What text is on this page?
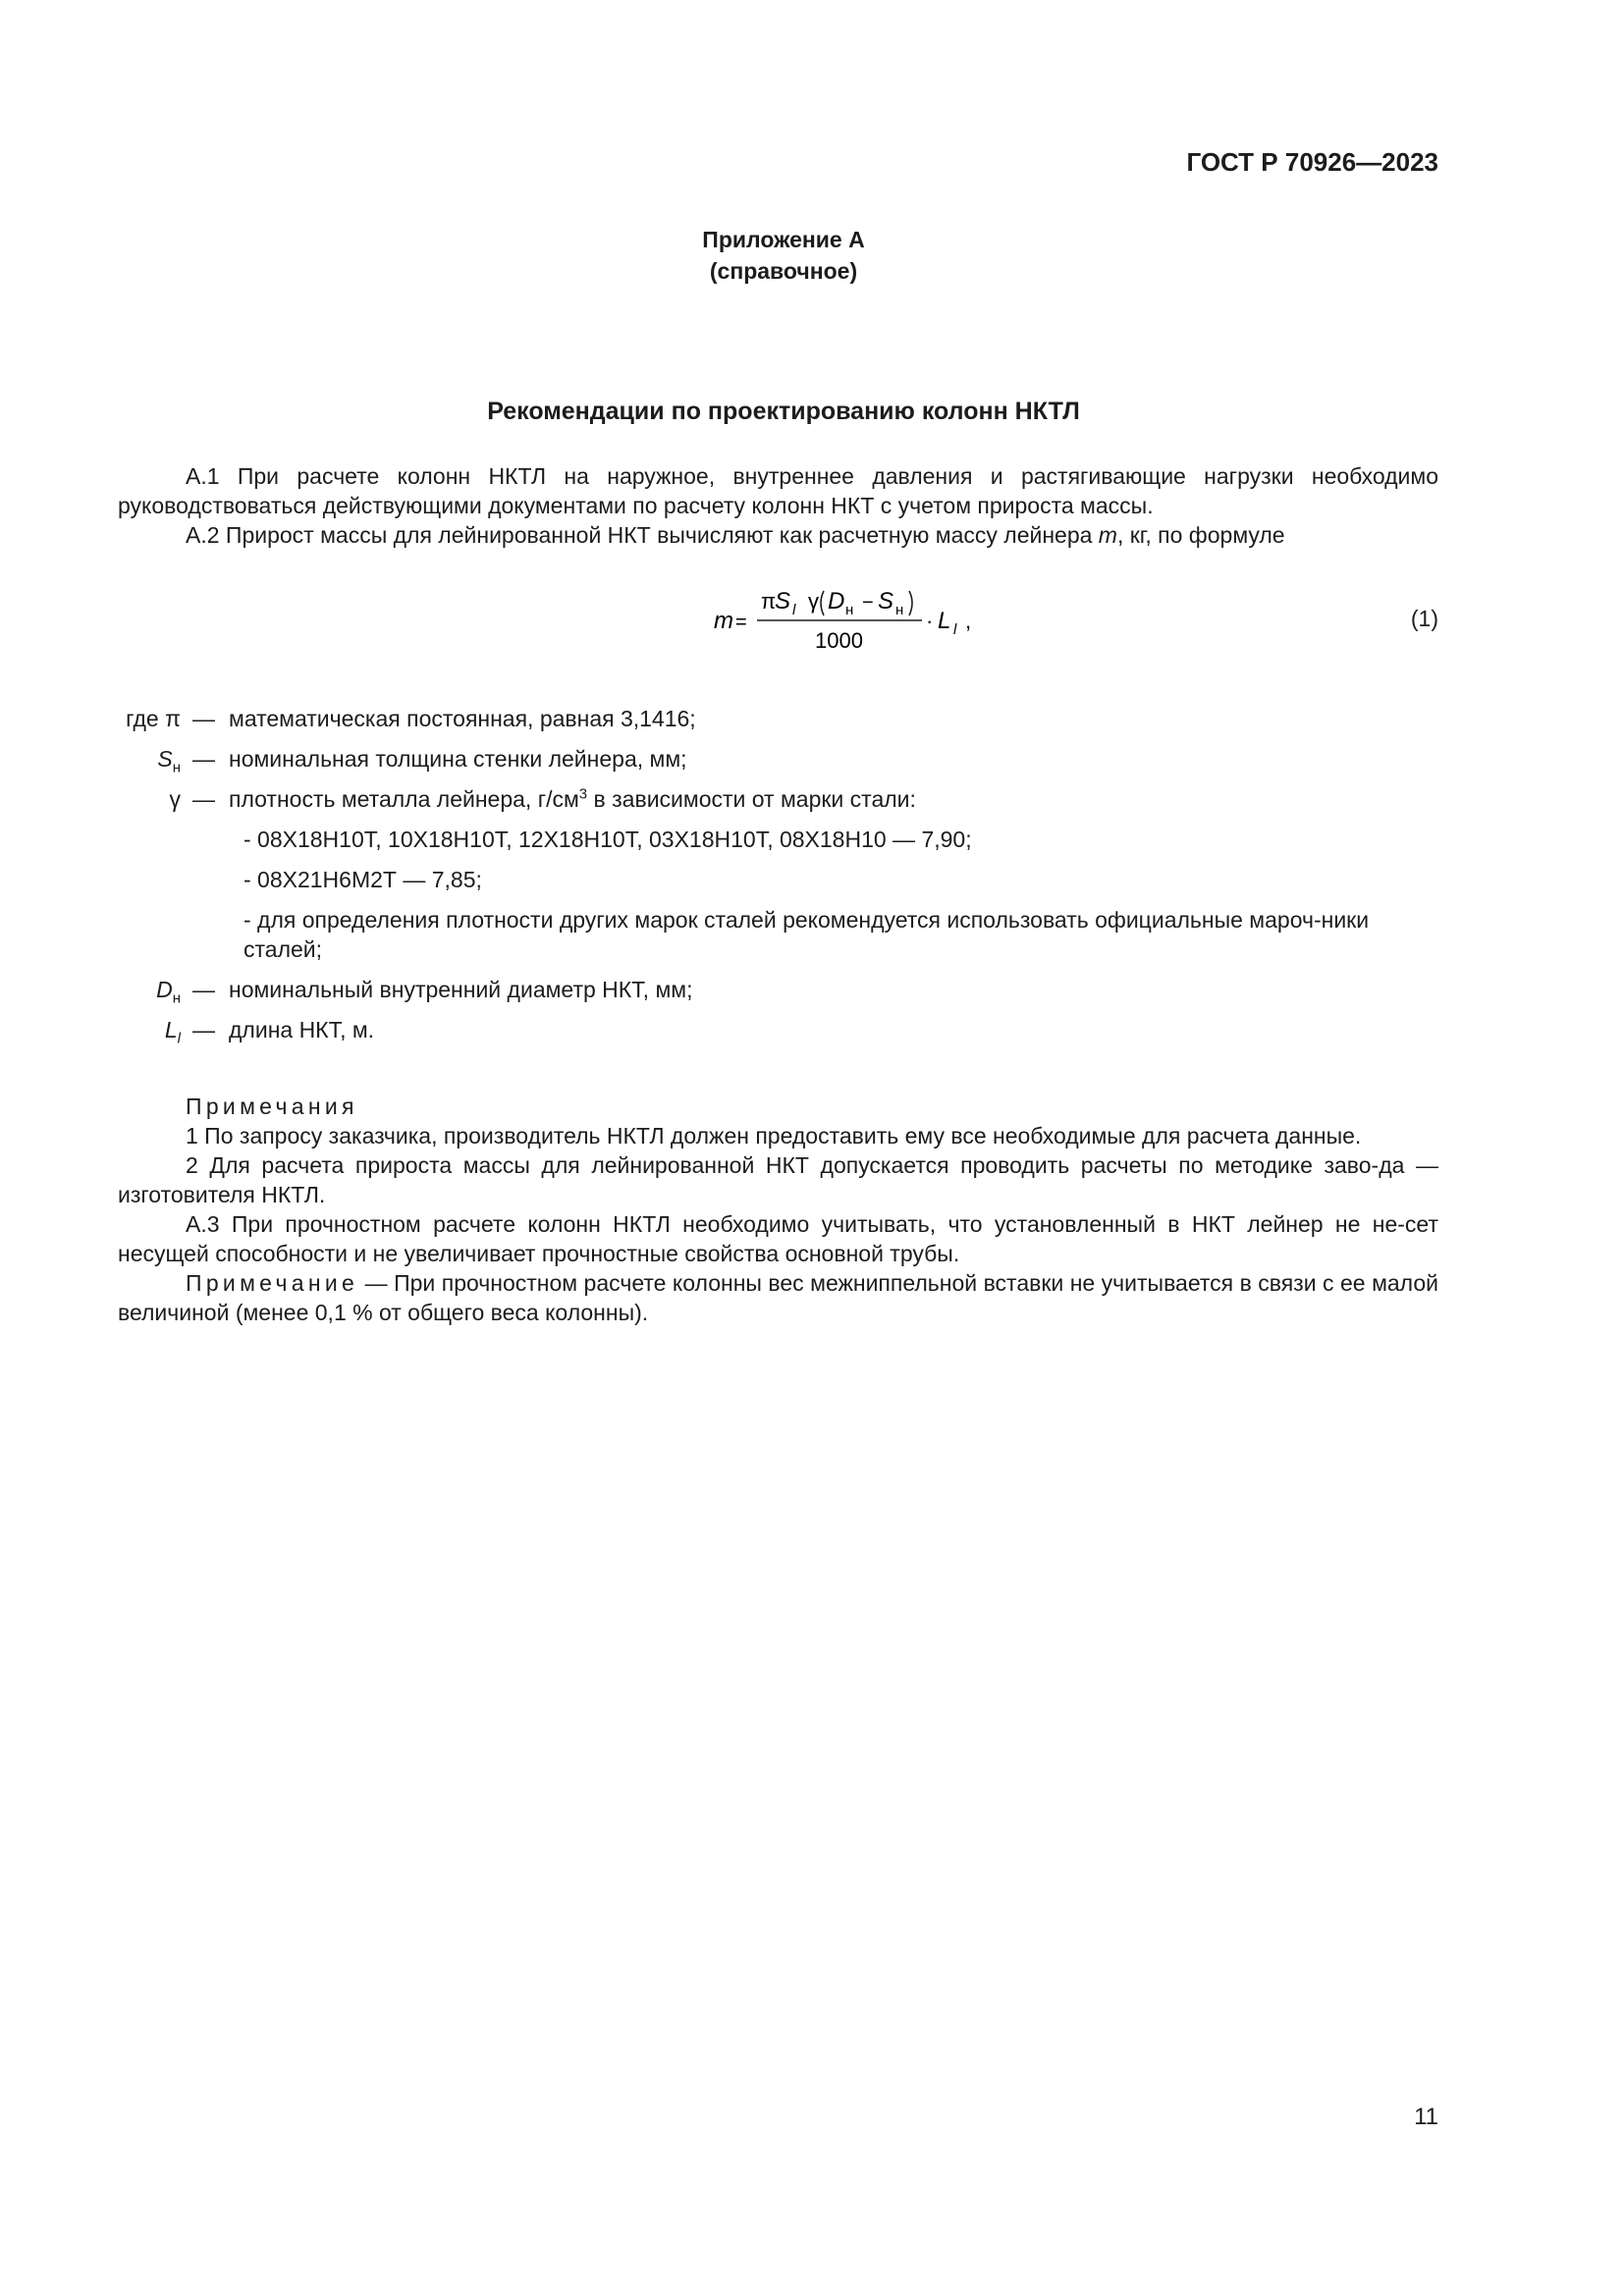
ГОСТ Р 70926—2023
Приложение А
(справочное)
Рекомендации по проектированию колонн НКТЛ

А.1 При расчете колонн НКТЛ на наружное, внутреннее давления и растягивающие нагрузки необходимо руководствоваться действующими документами по расчету колонн НКТ с учетом прироста массы.

А.2 Прирост массы для лейнированной НКТ вычисляют как расчетную массу лейнера m, кг, по формуле

m =
π
S l γ D н − S н
1000
· L l ,	(1)
где π — математическая постоянная, равная 3,1416;
$S_н$ — номинальная толщина стенки лейнера, мм;
γ — плотность металла лейнера, $г/см^3$ в зависимости от марки стали:
- 08Х18Н10Т, 10Х18Н10Т, 12Х18Н10Т, 03Х18Н10Т, 08Х18Н10 — 7,90;
- 08Х21Н6М2Т — 7,85;
- для определения плотности других марок сталей рекомендуется использовать официальные мароч-ники сталей;
$D_н$ — номинальный внутренний диаметр НКТ, мм;
$L_l$ — длина НКТ, м.

Примечания

1 По запросу заказчика, производитель НКТЛ должен предоставить ему все необходимые для расчета данные.

2 Для расчета прироста массы для лейнированной НКТ допускается проводить расчеты по методике заво-да — изготовителя НКТЛ.

А.3 При прочностном расчете колонн НКТЛ необходимо учитывать, что установленный в НКТ лейнер не не-сет несущей способности и не увеличивает прочностные свойства основной трубы.

Примечание — При прочностном расчете колонны вес межниппельной вставки не учитывается в связи с ее малой величиной (менее 0,1 % от общего веса колонны).

11
